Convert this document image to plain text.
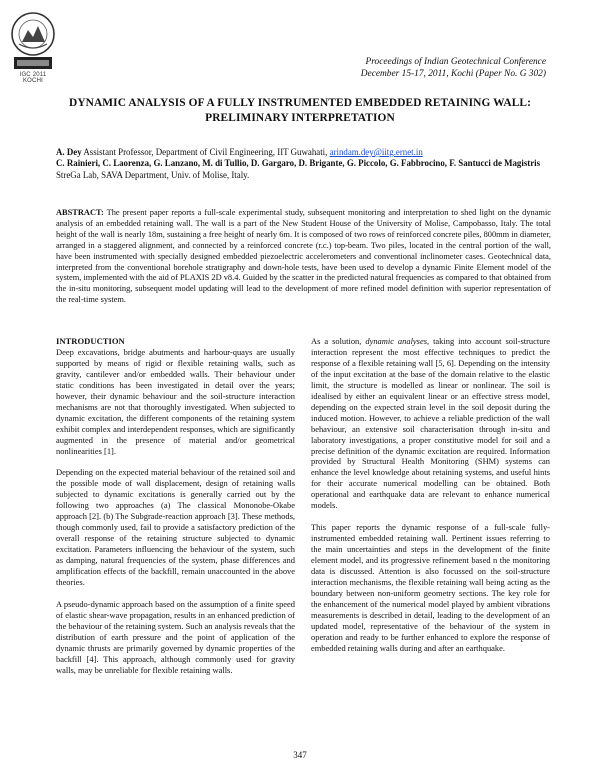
IGC 2011 KOCHI
Proceedings of Indian Geotechnical Conference
December 15-17, 2011, Kochi (Paper No. G 302)
DYNAMIC ANALYSIS OF A FULLY INSTRUMENTED EMBEDDED RETAINING WALL: PRELIMINARY INTERPRETATION
A. Dey Assistant Professor, Department of Civil Engineering, IIT Guwahati, arindam.dey@iitg.ernet.in
C. Rainieri, C. Laorenza, G. Lanzano, M. di Tullio, D. Gargaro, D. Brigante, G. Piccolo, G. Fabbrocino, F. Santucci de Magistris StreGa Lab, SAVA Department, Univ. of Molise, Italy.
ABSTRACT: The present paper reports a full-scale experimental study, subsequent monitoring and interpretation to shed light on the dynamic analysis of an embedded retaining wall. The wall is a part of the New Student House of the University of Molise, Campobasso, Italy. The total height of the wall is nearly 18m, sustaining a free height of nearly 6m. It is composed of two rows of reinforced concrete piles, 800mm in diameter, arranged in a staggered alignment, and connected by a reinforced concrete (r.c.) top-beam. Two piles, located in the central portion of the wall, have been instrumented with specially designed embedded piezoelectric accelerometers and conventional inclinometer cases. Geotechnical data, interpreted from the conventional borehole stratigraphy and down-hole tests, have been used to develop a dynamic Finite Element model of the system, implemented with the aid of PLAXIS 2D v8.4. Guided by the scatter in the predicted natural frequencies as compared to that obtained from the in-situ monitoring, subsequent model updating will lead to the development of more refined model definition with superior representation of the real-time system.
INTRODUCTION

Deep excavations, bridge abutments and harbour-quays are usually supported by means of rigid or flexible retaining walls, such as gravity, cantilever and/or embedded walls. Their behaviour under static conditions has been investigated in detail over the years; however, their dynamic behaviour and the soil-structure interaction mechanisms are not that thoroughly investigated. When subjected to dynamic excitation, the different components of the retaining system exhibit complex and interdependent responses, which are significantly augmented in the presence of material and/or geometrical nonlinearities [1].

Depending on the expected material behaviour of the retained soil and the possible mode of wall displacement, design of retaining walls subjected to dynamic excitations is generally carried out by the following two approaches (a) The classical Mononobe-Okabe approach [2]. (b) The Subgrade-reaction approach [3]. These methods, though commonly used, fail to provide a satisfactory prediction of the overall response of the retaining structure subjected to dynamic excitation. Parameters influencing the behaviour of the system, such as damping, natural frequencies of the system, phase differences and amplification effects of the backfill, remain unaccounted in the above theories.

A pseudo-dynamic approach based on the assumption of a finite speed of elastic shear-wave propagation, results in an enhanced prediction of the behaviour of the retaining system. Such an analysis reveals that the distribution of earth pressure and the point of application of the dynamic thrusts are primarily governed by dynamic properties of the backfill [4]. This approach, although commonly used for gravity walls, may be unreliable for flexible retaining walls.

As a solution, dynamic analyses, taking into account soil-structure interaction represent the most effective techniques to predict the response of a flexible retaining wall [5, 6]. Depending on the intensity of the input excitation at the base of the domain relative to the elastic limit, the structure is modelled as linear or nonlinear. The soil is idealised by either an equivalent linear or an effective stress model, depending on the expected strain level in the soil deposit during the induced motion. However, to achieve a reliable prediction of the wall behaviour, an extensive soil characterisation through in-situ and laboratory investigations, a proper constitutive model for soil and a precise definition of the dynamic excitation are required. Information provided by Structural Health Monitoring (SHM) systems can enhance the level knowledge about retaining systems, and useful hints for their accurate numerical modelling can be obtained. Both operational and earthquake data are relevant to enhance numerical models.

This paper reports the dynamic response of a full-scale fully-instrumented embedded retaining wall. Pertinent issues referring to the main uncertainties and steps in the development of the finite element model, and its progressive refinement based n the monitoring data is discussed. Attention is also focussed on the soil-structure interaction mechanisms, the flexible retaining wall being acting as the boundary between non-uniform geometry sections. The key role for the enhancement of the numerical model played by ambient vibrations measurements is described in detail, leading to the development of an updated model, representative of the behaviour of the system in operation and ready to be further enhanced to explore the response of embedded retaining walls during and after an earthquake.

347
